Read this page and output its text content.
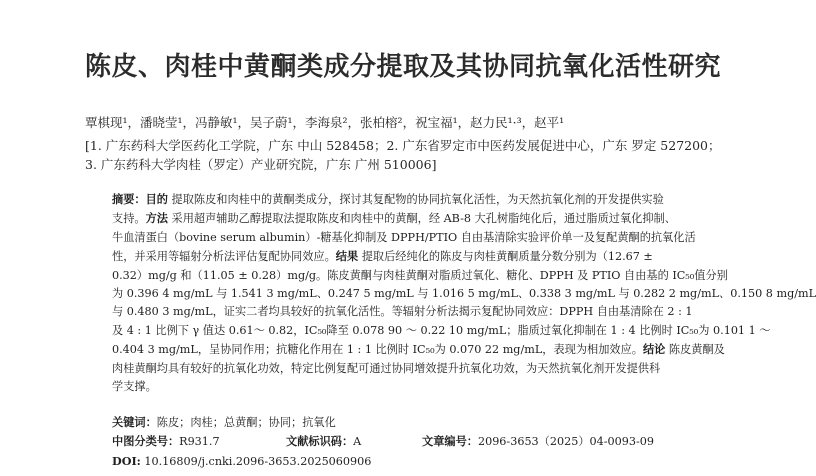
陈皮、肉桂中黄酮类成分提取及其协同抗氧化活性研究
覃棋现¹，潘晓莹¹，冯静敏¹，吴子蔚¹，李海泉²，张柏榕²，祝宝福¹，赵力民¹·³，赵平¹
[1. 广东药科大学医药化工学院，广东 中山 528458；2. 广东省罗定市中医药发展促进中心，广东 罗定 527200；
3. 广东药科大学肉桂（罗定）产业研究院，广东 广州 510006]
摘要：目的 提取陈皮和肉桂中的黄酮类成分，探讨其复配物的协同抗氧化活性，为天然抗氧化剂的开发提供实验
支持。方法 采用超声辅助乙醇提取法提取陈皮和肉桂中的黄酮，经 AB-8 大孔树脂纯化后，通过脂质过氧化抑制、
牛血清蛋白（bovine serum albumin）-糖基化抑制及 DPPH/PTIO 自由基清除实验评价单一及复配黄酮的抗氧化活
性，并采用等辐射分析法评估复配协同效应。结果 提取后经纯化的陈皮与肉桂黄酮质量分数分别为（12.67 ±
0.32）mg/g 和（11.05 ± 0.28）mg/g。陈皮黄酮与肉桂黄酮对脂质过氧化、糖化、DPPH 及 PTIO 自由基的 IC₅₀值分别
为 0.396 4 mg/mL 与 1.541 3 mg/mL、0.247 5 mg/mL 与 1.016 5 mg/mL、0.338 3 mg/mL 与 0.282 2 mg/mL、0.150 8 mg/mL
与 0.480 3 mg/mL，证实二者均具较好的抗氧化活性。等辐射分析法揭示复配协同效应：DPPH 自由基清除在 2 : 1
及 4 : 1 比例下 γ 值达 0.61～ 0.82，IC₅₀降至 0.078 90 ～ 0.22 10 mg/mL；脂质过氧化抑制在 1 : 4 比例时 IC₅₀为 0.101 1 ～
0.404 3 mg/mL，呈协同作用；抗糖化作用在 1 : 1 比例时 IC₅₀为 0.070 22 mg/mL，表现为相加效应。结论 陈皮黄酮及
肉桂黄酮均具有较好的抗氧化功效，特定比例复配可通过协同增效提升抗氧化功效，为天然抗氧化剂开发提供科
学支撑。
关键词：陈皮；肉桂；总黄酮；协同；抗氧化
中图分类号：R931.7	文献标识码：A	文章编号：2096-3653（2025）04-0093-09
DOI: 10.16809/j.cnki.2096-3653.2025060906
